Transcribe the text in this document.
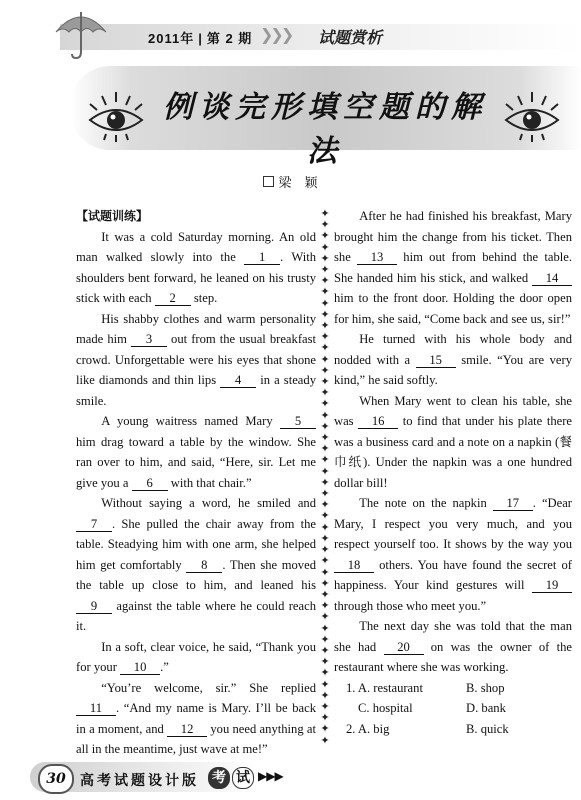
2011年 | 第 2 期 ❯❯❯ 试题赏析
例谈完形填空题的解法
梁　颖

【试题训练】

It was a cold Saturday morning. An old man walked slowly into the 1 . With shoulders bent forward, he leaned on his trusty stick with each 2 step.

His shabby clothes and warm personality made him 3 out from the usual breakfast crowd. Unforgettable were his eyes that shone like diamonds and thin lips 4 in a steady smile.

A young waitress named Mary 5 him drag toward a table by the window. She ran over to him, and said, “Here, sir. Let me give you a 6 with that chair.”

Without saying a word, he smiled and 7 . She pulled the chair away from the table. Steadying him with one arm, she helped him get comfortably 8 . Then she moved the table up close to him, and leaned his 9 against the table where he could reach it.

In a soft, clear voice, he said, “Thank you for your 10 .”

“You’re welcome, sir.” She replied 11 . “And my name is Mary. I’ll be back in a moment, and 12 you need anything at all in the meantime, just wave at me!”

✦
✦
✦
✦
✦
✦
✦
✦
✦
✦
✦
✦
✦
✦
✦
✦
✦
✦
✦
✦
✦
✦
✦
✦
✦
✦
✦
✦
✦
✦
✦
✦
✦
✦
✦
✦
✦
✦
✦
✦
✦
✦
✦
✦
✦
✦
✦
✦

After he had finished his breakfast, Mary brought him the change from his ticket. Then she 13 him out from behind the table. She handed him his stick, and walked 14 him to the front door. Holding the door open for him, she said, “Come back and see us, sir!”

He turned with his whole body and nodded with a 15 smile. “You are very kind,” he said softly.

When Mary went to clean his table, she was 16 to find that under his plate there was a business card and a note on a napkin (餐巾纸). Under the napkin was a one hundred dollar bill!

The note on the napkin 17 . “Dear Mary, I respect you very much, and you respect yourself too. It shows by the way you 18 others. You have found the secret of happiness. Your kind gestures will 19 through those who meet you.”

The next day she was told that the man she had 20 on was the owner of the restaurant where she was working.

1. A. restaurant	B. shop
C. hospital	D. bank
2. A. big	B. quick
30	高考试题设计版 考 试 ▶▶▶
